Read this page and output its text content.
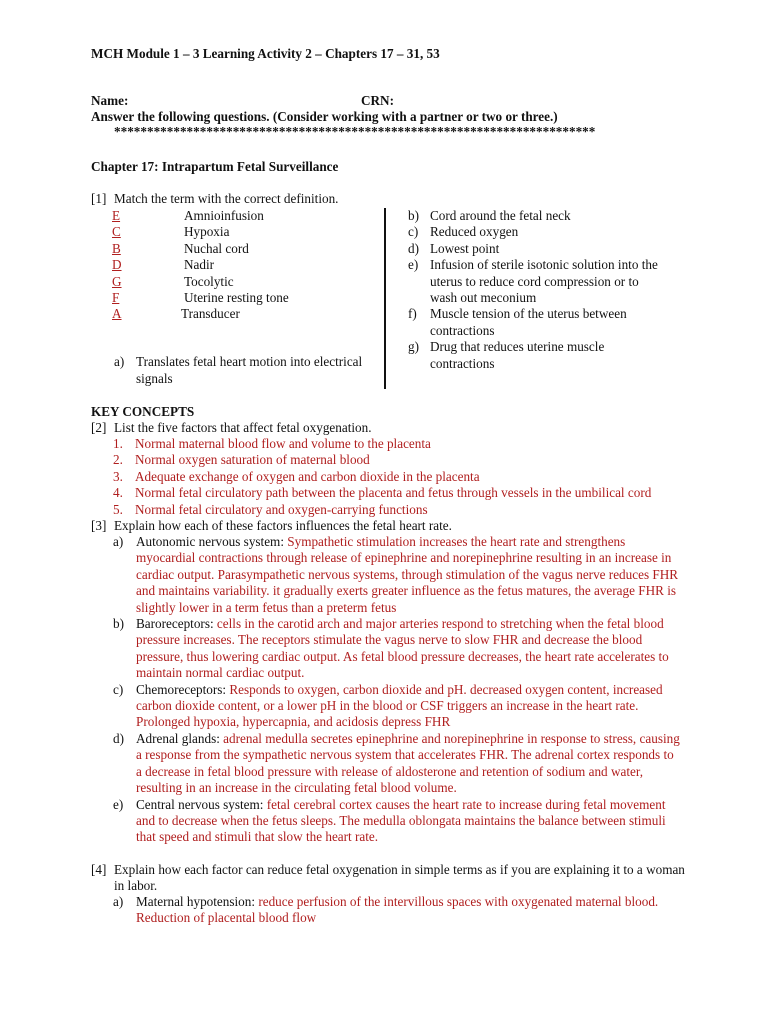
MCH Module 1 – 3 Learning Activity 2 – Chapters 17 – 31, 53
Name:	CRN:
Answer the following questions. (Consider working with a partner or two or three.)
*************************************************************************
Chapter 17: Intrapartum Fetal Surveillance
[1] Match the term with the correct definition.
E	Amnioinfusion
C	Hypoxia
B	Nuchal cord
D	Nadir
G	Tocolytic
F	Uterine resting tone
A	Transducer
a) Translates fetal heart motion into electrical
signals
b) Cord around the fetal neck
c) Reduced oxygen
d) Lowest point
e) Infusion of sterile isotonic solution into the
uterus to reduce cord compression or to
wash out meconium
f) Muscle tension of the uterus between
contractions
g) Drug that reduces uterine muscle
contractions
KEY CONCEPTS
[2] List the five factors that affect fetal oxygenation.
1. Normal maternal blood flow and volume to the placenta
2. Normal oxygen saturation of maternal blood
3. Adequate exchange of oxygen and carbon dioxide in the placenta
4. Normal fetal circulatory path between the placenta and fetus through vessels in the umbilical cord
5. Normal fetal circulatory and oxygen-carrying functions
[3] Explain how each of these factors influences the fetal heart rate.
a) Autonomic nervous system: Sympathetic stimulation increases the heart rate and strengthens myocardial contractions through release of epinephrine and norepinephrine resulting in an increase in cardiac output. Parasympathetic nervous systems, through stimulation of the vagus nerve reduces FHR and maintains variability. it gradually exerts greater influence as the fetus matures, the average FHR is slightly lower in a term fetus than a preterm fetus
b) Baroreceptors: cells in the carotid arch and major arteries respond to stretching when the fetal blood pressure increases. The receptors stimulate the vagus nerve to slow FHR and decrease the blood pressure, thus lowering cardiac output. As fetal blood pressure decreases, the heart rate accelerates to maintain normal cardiac output.
c) Chemoreceptors: Responds to oxygen, carbon dioxide and pH. decreased oxygen content, increased carbon dioxide content, or a lower pH in the blood or CSF triggers an increase in the heart rate. Prolonged hypoxia, hypercapnia, and acidosis depress FHR
d) Adrenal glands: adrenal medulla secretes epinephrine and norepinephrine in response to stress, causing a response from the sympathetic nervous system that accelerates FHR. The adrenal cortex responds to a decrease in fetal blood pressure with release of aldosterone and retention of sodium and water, resulting in an increase in the circulating fetal blood volume.
e) Central nervous system: fetal cerebral cortex causes the heart rate to increase during fetal movement and to decrease when the fetus sleeps. The medulla oblongata maintains the balance between stimuli that speed and stimuli that slow the heart rate.
[4] Explain how each factor can reduce fetal oxygenation in simple terms as if you are explaining it to a woman in labor.
a) Maternal hypotension: reduce perfusion of the intervillous spaces with oxygenated maternal blood. Reduction of placental blood flow
